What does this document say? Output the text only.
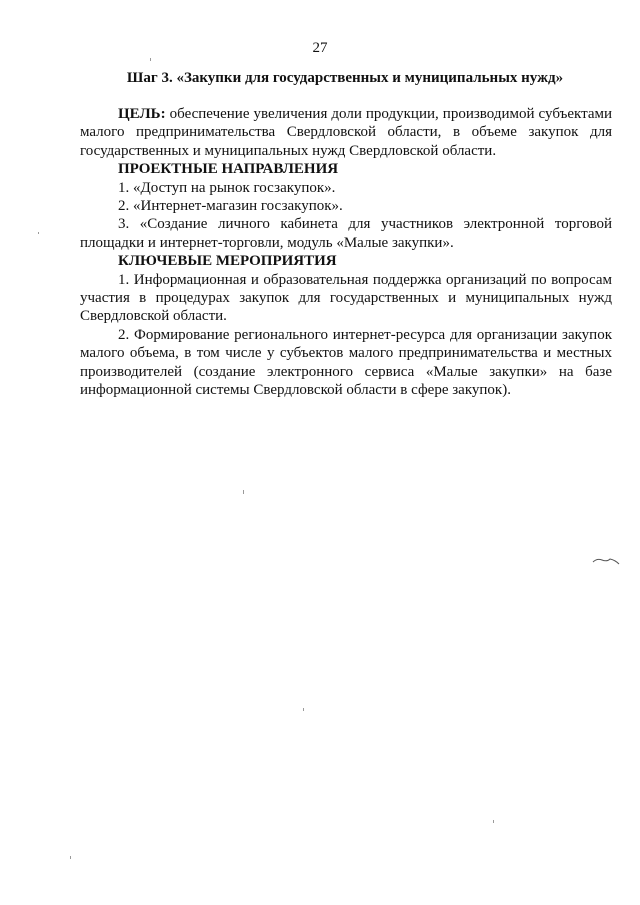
27
Шаг 3. «Закупки для государственных и муниципальных нужд»

ЦЕЛЬ: обеспечение увеличения доли продукции, производимой субъектами малого предпринимательства Свердловской области, в объеме закупок для государственных и муниципальных нужд Свердловской области.

ПРОЕКТНЫЕ НАПРАВЛЕНИЯ

1. «Доступ на рынок госзакупок».

2. «Интернет-магазин госзакупок».

3. «Создание личного кабинета для участников электронной торговой площадки и интернет-торговли, модуль «Малые закупки».

КЛЮЧЕВЫЕ МЕРОПРИЯТИЯ

1. Информационная и образовательная поддержка организаций по вопросам участия в процедурах закупок для государственных и муниципальных нужд Свердловской области.

2. Формирование регионального интернет-ресурса для организации закупок малого объема, в том числе у субъектов малого предпринимательства и местных производителей (создание электронного сервиса «Малые закупки» на базе информационной системы Свердловской области в сфере закупок).
